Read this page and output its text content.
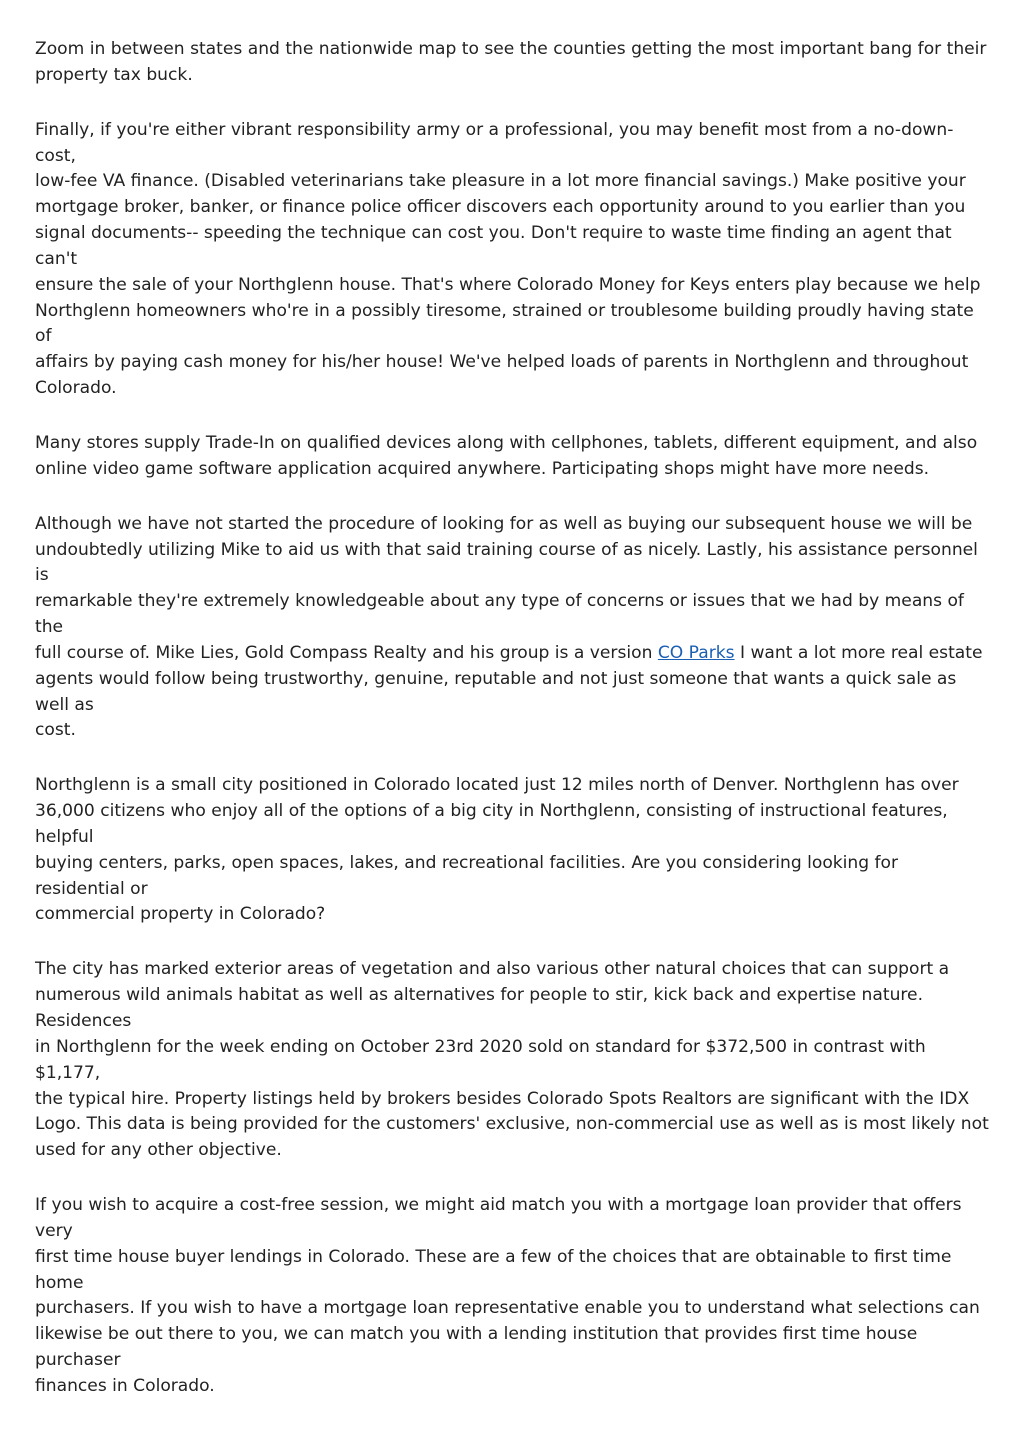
Zoom in between states and the nationwide map to see the counties getting the most important bang for their
property tax buck.

Finally, if you're either vibrant responsibility army or a professional, you may benefit most from a no-down-cost,
low-fee VA finance. (Disabled veterinarians take pleasure in a lot more financial savings.) Make positive your
mortgage broker, banker, or finance police officer discovers each opportunity around to you earlier than you
signal documents-- speeding the technique can cost you. Don't require to waste time finding an agent that can't
ensure the sale of your Northglenn house. That's where Colorado Money for Keys enters play because we help
Northglenn homeowners who're in a possibly tiresome, strained or troublesome building proudly having state of
affairs by paying cash money for his/her house! We've helped loads of parents in Northglenn and throughout
Colorado.

Many stores supply Trade-In on qualified devices along with cellphones, tablets, different equipment, and also
online video game software application acquired anywhere. Participating shops might have more needs.

Although we have not started the procedure of looking for as well as buying our subsequent house we will be
undoubtedly utilizing Mike to aid us with that said training course of as nicely. Lastly, his assistance personnel is
remarkable they're extremely knowledgeable about any type of concerns or issues that we had by means of the
full course of. Mike Lies, Gold Compass Realty and his group is a version CO Parks I want a lot more real estate
agents would follow being trustworthy, genuine, reputable and not just someone that wants a quick sale as well as
cost.

Northglenn is a small city positioned in Colorado located just 12 miles north of Denver. Northglenn has over
36,000 citizens who enjoy all of the options of a big city in Northglenn, consisting of instructional features, helpful
buying centers, parks, open spaces, lakes, and recreational facilities. Are you considering looking for residential or
commercial property in Colorado?

The city has marked exterior areas of vegetation and also various other natural choices that can support a
numerous wild animals habitat as well as alternatives for people to stir, kick back and expertise nature. Residences
in Northglenn for the week ending on October 23rd 2020 sold on standard for $372,500 in contrast with $1,177,
the typical hire. Property listings held by brokers besides Colorado Spots Realtors are significant with the IDX
Logo. This data is being provided for the customers' exclusive, non-commercial use as well as is most likely not
used for any other objective.

If you wish to acquire a cost-free session, we might aid match you with a mortgage loan provider that offers very
first time house buyer lendings in Colorado. These are a few of the choices that are obtainable to first time home
purchasers. If you wish to have a mortgage loan representative enable you to understand what selections can
likewise be out there to you, we can match you with a lending institution that provides first time house purchaser
finances in Colorado.
